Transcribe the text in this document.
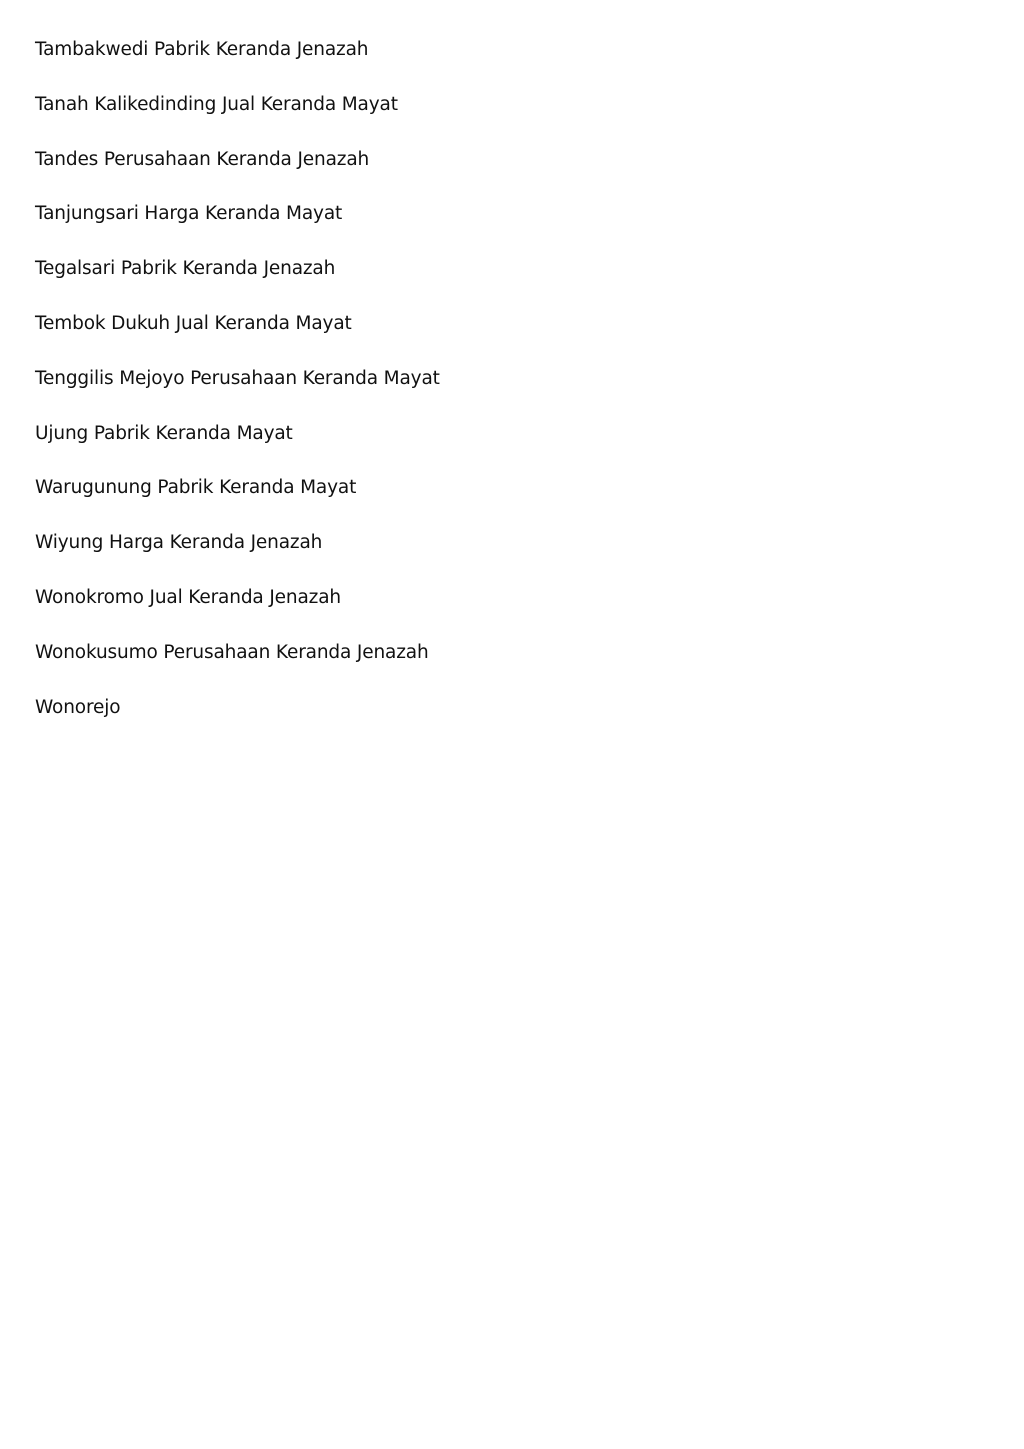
Tambakwedi Pabrik Keranda Jenazah
Tanah Kalikedinding Jual Keranda Mayat
Tandes Perusahaan Keranda Jenazah
Tanjungsari Harga Keranda Mayat
Tegalsari Pabrik Keranda Jenazah
Tembok Dukuh Jual Keranda Mayat
Tenggilis Mejoyo Perusahaan Keranda Mayat
Ujung Pabrik Keranda Mayat
Warugunung Pabrik Keranda Mayat
Wiyung Harga Keranda Jenazah
Wonokromo Jual Keranda Jenazah
Wonokusumo Perusahaan Keranda Jenazah
Wonorejo
